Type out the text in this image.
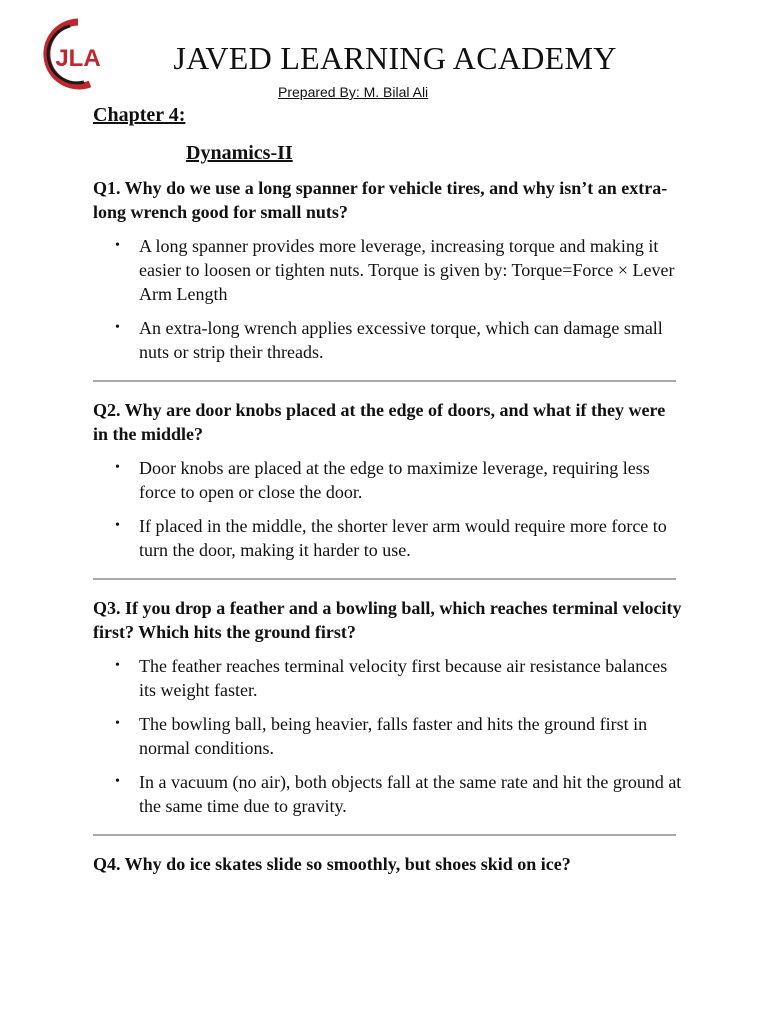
JLA	JAVED LEARNING ACADEMY
Prepared By: M. Bilal Ali
Chapter 4:
Dynamics-II

Q1. Why do we use a long spanner for vehicle tires, and why isn’t an extra-long wrench good for small nuts?

• A long spanner provides more leverage, increasing torque and making it easier to loosen or tighten nuts. Torque is given by: Torque=Force × Lever Arm Length
• An extra-long wrench applies excessive torque, which can damage small nuts or strip their threads.

Q2. Why are door knobs placed at the edge of doors, and what if they were in the middle?

• Door knobs are placed at the edge to maximize leverage, requiring less force to open or close the door.
• If placed in the middle, the shorter lever arm would require more force to turn the door, making it harder to use.

Q3. If you drop a feather and a bowling ball, which reaches terminal velocity first? Which hits the ground first?

• The feather reaches terminal velocity first because air resistance balances its weight faster.
• The bowling ball, being heavier, falls faster and hits the ground first in normal conditions.
• In a vacuum (no air), both objects fall at the same rate and hit the ground at the same time due to gravity.

Q4. Why do ice skates slide so smoothly, but shoes skid on ice?
